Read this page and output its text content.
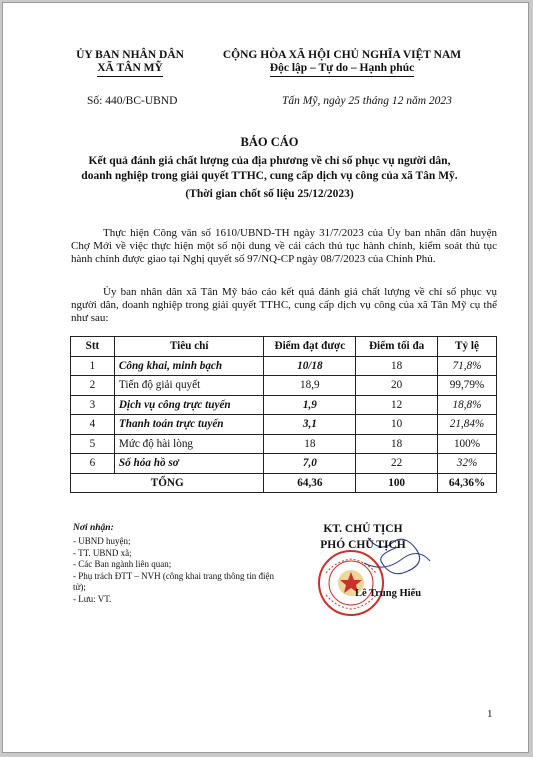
ỦY BAN NHÂN DÂN
XÃ TÂN MỸ
CỘNG HÒA XÃ HỘI CHỦ NGHĨA VIỆT NAM
Độc lập – Tự do – Hạnh phúc
Số: 440/BC-UBND	Tấn Mỹ, ngày 25 tháng 12 năm 2023
BÁO CÁO
Kết quả đánh giá chất lượng của địa phương về chỉ số phục vụ người dân,
doanh nghiệp trong giải quyết TTHC, cung cấp dịch vụ công của xã Tân Mỹ.
(Thời gian chốt số liệu 25/12/2023)
Thực hiện Công văn số 1610/UBND-TH ngày 31/7/2023 của Ủy ban nhân dân huyện Chợ Mới về việc thực hiện một số nội dung về cải cách thủ tục hành chính, kiểm soát thủ tục hành chính được giao tại Nghị quyết số 97/NQ-CP ngày 08/7/2023 của Chính Phủ.
Ủy ban nhân dân xã Tân Mỹ báo cáo kết quả đánh giá chất lượng về chỉ số phục vụ người dân, doanh nghiệp trong giải quyết TTHC, cung cấp dịch vụ công của xã Tân Mỹ cụ thể như sau:
Stt	Tiêu chí	Điểm đạt được	Điểm tối đa	Tỷ lệ
1	Công khai, minh bạch	10/18	18	71,8%
2	Tiến độ giải quyết	18,9	20	99,79%
3	Dịch vụ công trực tuyến	1,9	12	18,8%
4	Thanh toán trực tuyến	3,1	10	21,84%
5	Mức độ hài lòng	18	18	100%
6	Số hóa hồ sơ	7,0	22	32%
TỔNG		64,36	100	64,36%
Nơi nhận:
- UBND huyện;
- TT. UBND xã;
- Các Ban ngành liên quan;
- Phụ trách ĐTT – NVH (công khai trang thông tin điện tử);
- Lưu: VT.
KT. CHỦ TỊCH
PHÓ CHỦ TỊCH
Lê Trung Hiếu
1
